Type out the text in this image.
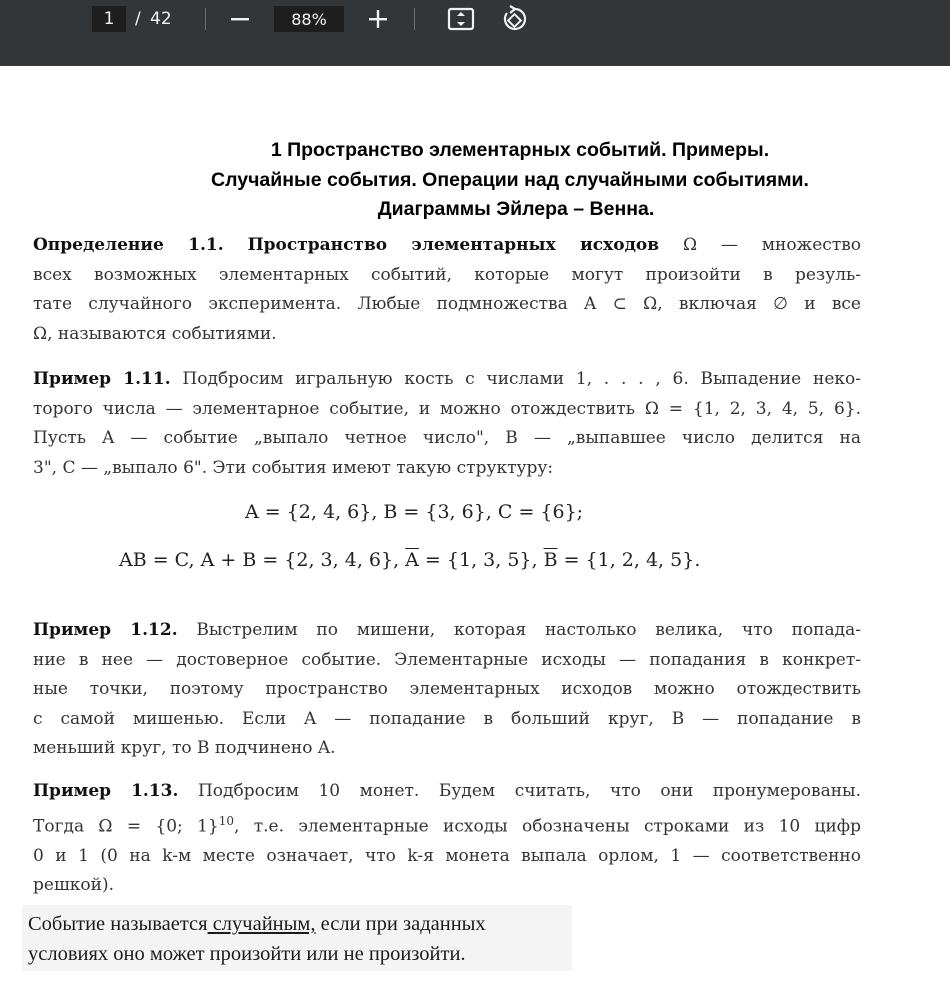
1
/ 42
88%
1 Пространство элементарных событий. Примеры.
Случайные события. Операции над случайными событиями.
Диаграммы Эйлера – Венна.
Определение 1.1. Пространство элементарных исходов Ω — множество
всех возможных элементарных событий, которые могут произойти в резуль-
тате случайного эксперимента. Любые подмножества A ⊂ Ω, включая ∅ и все
Ω, называются событиями.
Пример 1.11. Подбросим игральную кость с числами 1, . . . , 6. Выпадение неко-
торого числа — элементарное событие, и можно отождествить Ω = {1, 2, 3, 4, 5, 6}.
Пусть A — событие „выпало четное число", B — „выпавшее число делится на
3", C — „выпало 6". Эти события имеют такую структуру:
A = {2, 4, 6}, B = {3, 6}, C = {6};
AB = C, A + B = {2, 3, 4, 6}, $\overline{A} = \{1$, 3, 5}, $\overline{B} = \{1$, 2, 4, 5}.
Пример 1.12. Выстрелим по мишени, которая настолько велика, что попада-
ние в нее — достоверное событие. Элементарные исходы — попадания в конкрет-
ные точки, поэтому пространство элементарных исходов можно отождествить
с самой мишенью. Если A — попадание в больший круг, B — попадание в
меньший круг, то B подчинено A.
Пример 1.13. Подбросим 10 монет. Будем считать, что они пронумерованы.
Тогда Ω = {0; 1}$^{10}$, т.е. элементарные исходы обозначены строками из 10 цифр
0 и 1 (0 на k-м месте означает, что k-я монета выпала орлом, 1 — соответственно
решкой).
Событие называется случайным, если при заданных
условиях оно может произойти или не произойти.
